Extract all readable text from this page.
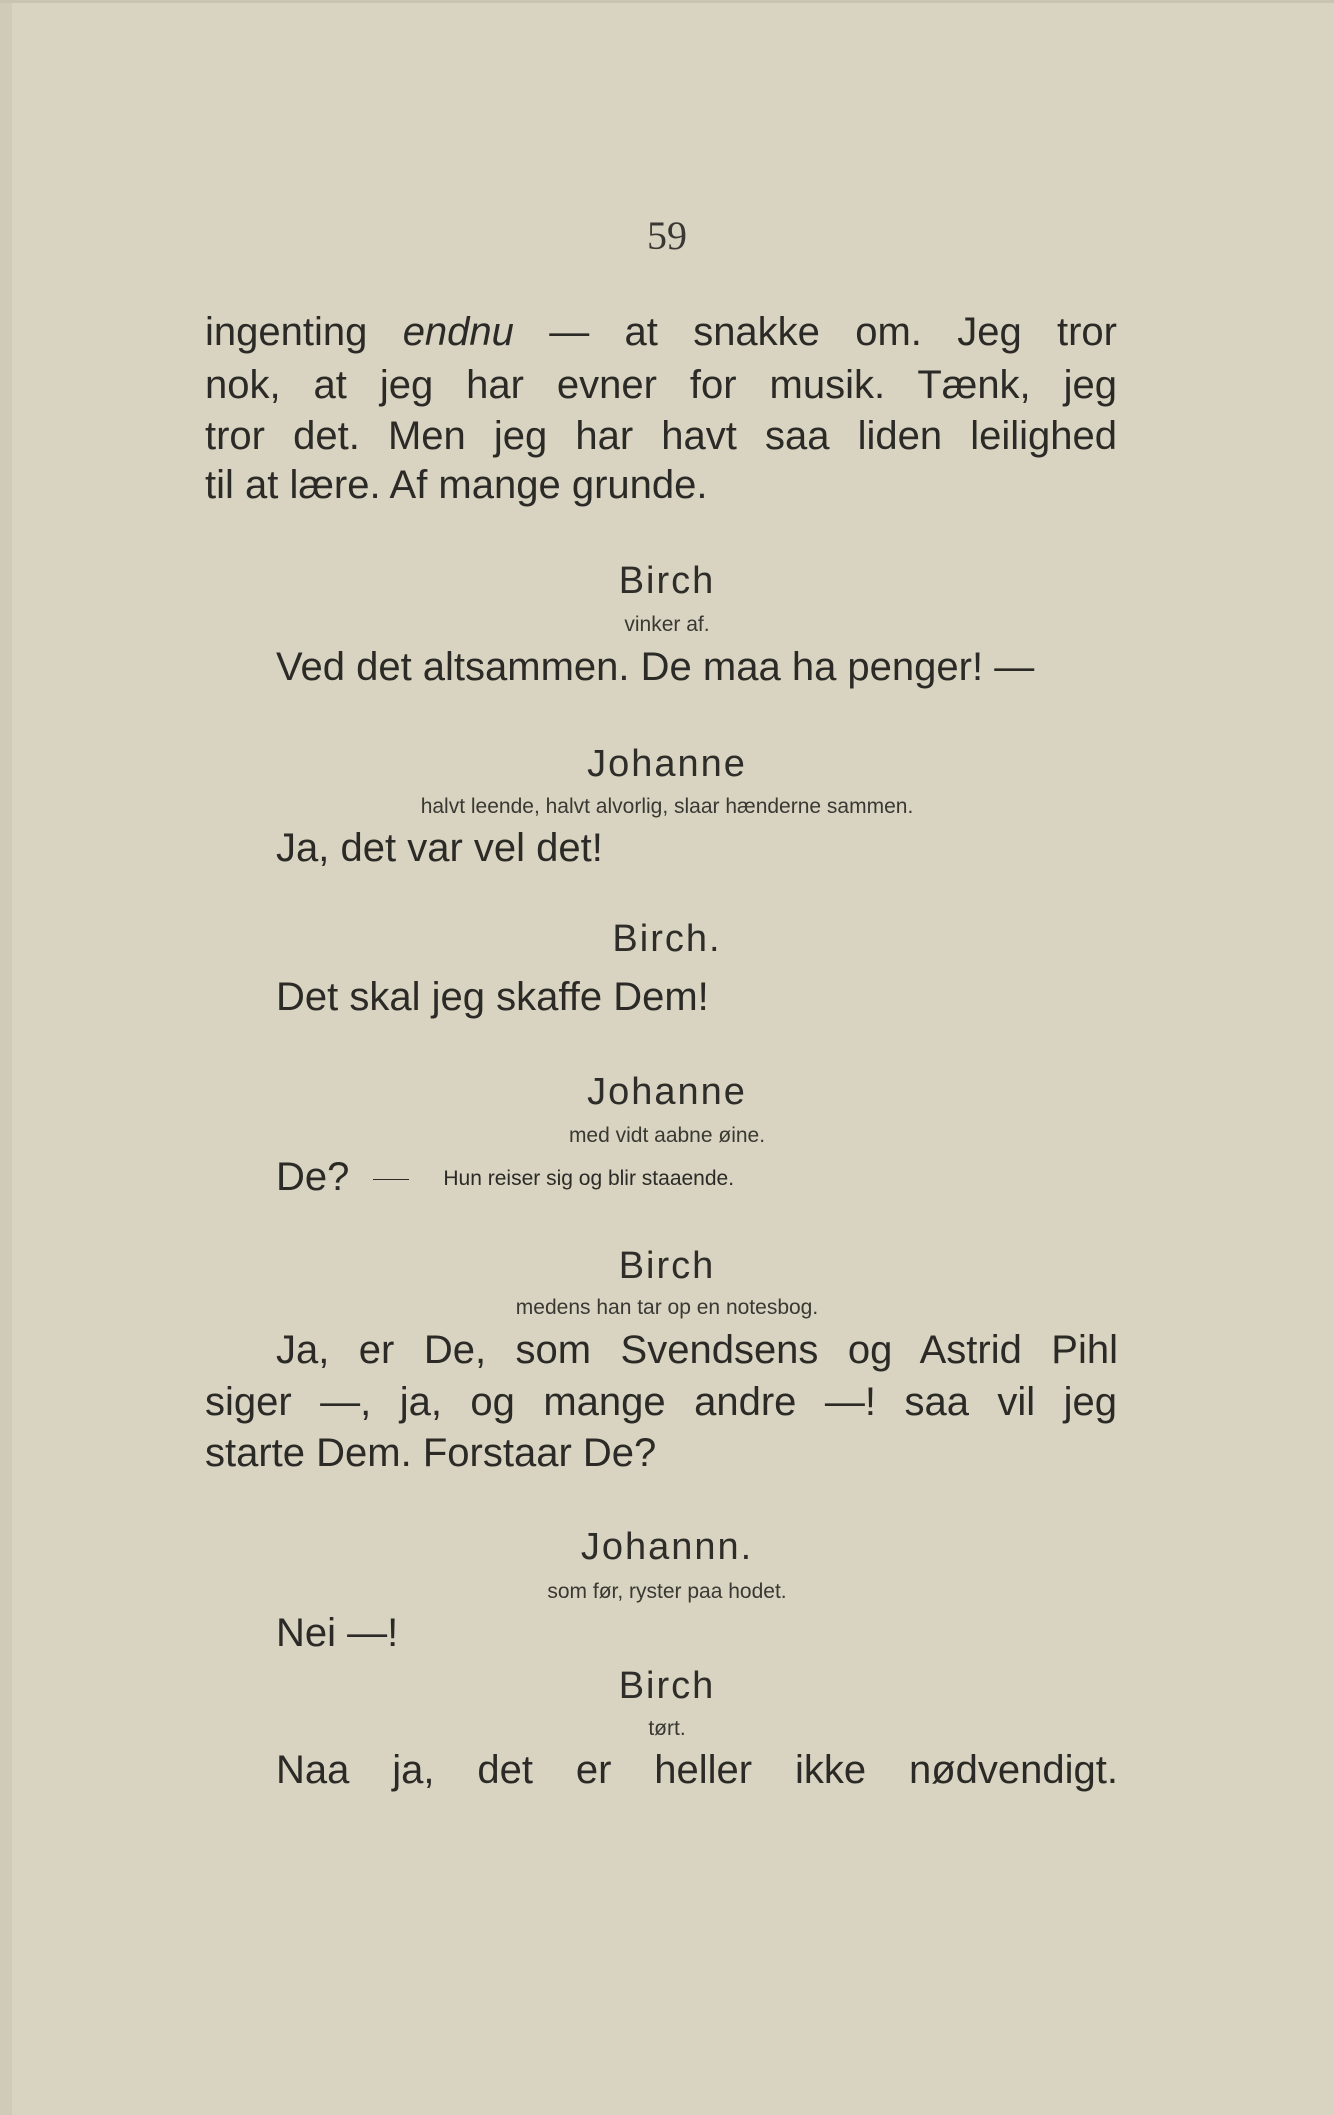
59
ingenting endnu — at snakke om. Jeg tror
nok, at jeg har evner for musik. Tænk, jeg
tror det. Men jeg har havt saa liden leilighed
til at lære. Af mange grunde.
Birch
vinker af.
Ved det altsammen. De maa ha penger! —
Johanne
halvt leende, halvt alvorlig, slaar hænderne sammen.
Ja, det var vel det!
Birch.
Det skal jeg skaffe Dem!
Johanne
med vidt aabne øine.
De?	Hun reiser sig og blir staaende.
Birch
medens han tar op en notesbog.
Ja, er De, som Svendsens og Astrid Pihl
siger —, ja, og mange andre —! saa vil jeg
starte Dem. Forstaar De?
Johannn.
som før, ryster paa hodet.
Nei —!
Birch
tørt.
Naa ja, det er heller ikke nødvendigt.
